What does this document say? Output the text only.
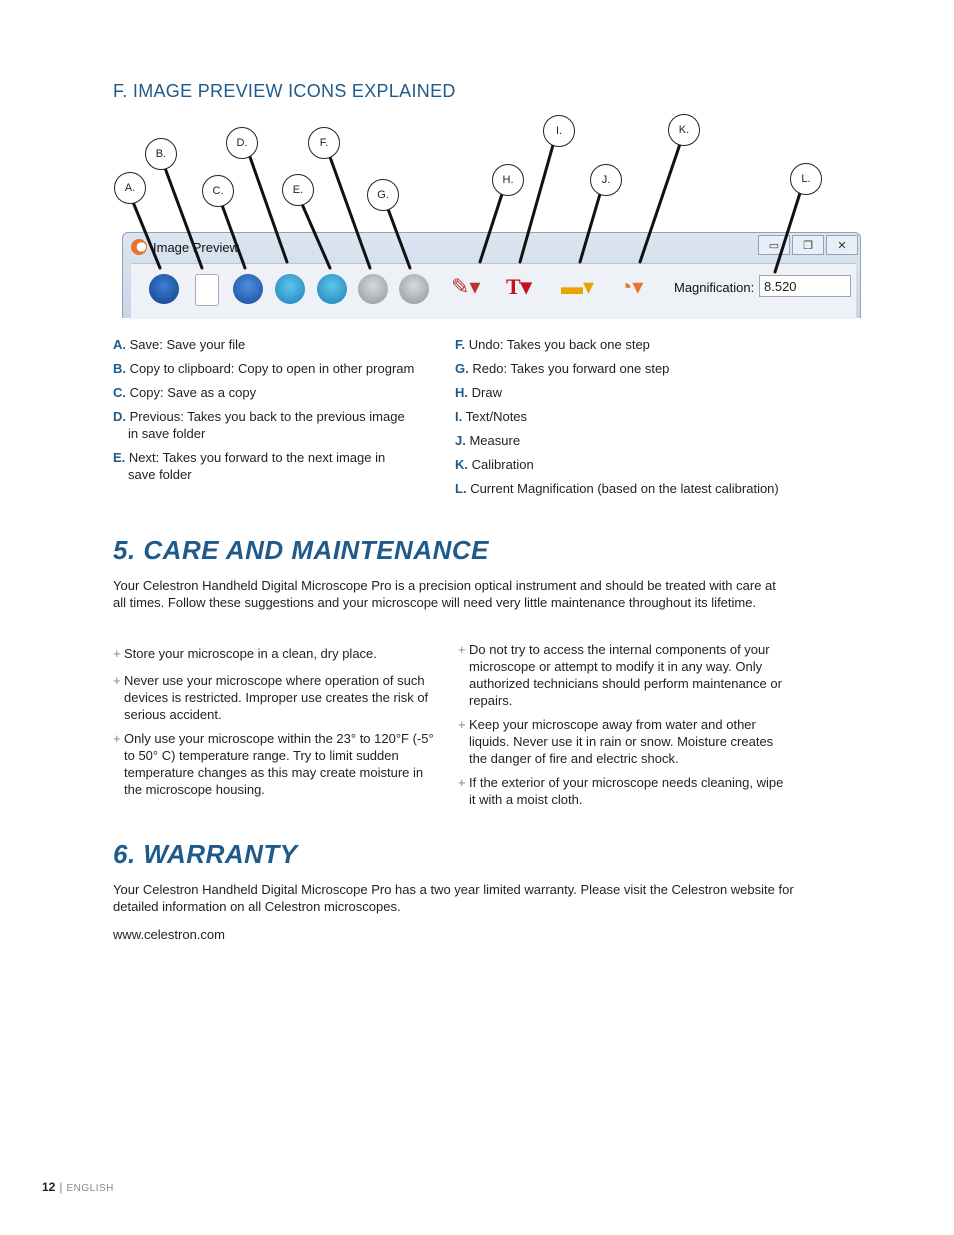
F. IMAGE PREVIEW ICONS EXPLAINED
A.
B.
C.
D.
E.
F.
G.
H.
I.
J.
K.
L.
Image Preview	▭	❐	✕
✎▾ T▾ ▬▾ ◔▾ Magnification: 8.520
A. Save: Save your file
B. Copy to clipboard: Copy to open in other program
C. Copy: Save as a copy
D. Previous: Takes you back to the previous image
in save folder
E. Next: Takes you forward to the next image in
save folder
F. Undo: Takes you back one step
G. Redo: Takes you forward one step
H. Draw
I. Text/Notes
J. Measure
K. Calibration
L. Current Magnification (based on the latest calibration)
5. CARE AND MAINTENANCE

Your Celestron Handheld Digital Microscope Pro is a precision optical instrument and should be treated with care at all times. Follow these suggestions and your microscope will need very little maintenance throughout its lifetime.

+ Store your microscope in a clean, dry place.
+ Never use your microscope where operation of such devices is restricted. Improper use creates the risk of serious accident.
+ Only use your microscope within the 23° to 120°F (-5° to 50° C) temperature range. Try to limit sudden temperature changes as this may create moisture in the microscope housing.
+ Do not try to access the internal components of your microscope or attempt to modify it in any way. Only authorized technicians should perform maintenance or repairs.
+ Keep your microscope away from water and other liquids. Never use it in rain or snow. Moisture creates the danger of fire and electric shock.
+ If the exterior of your microscope needs cleaning, wipe it with a moist cloth.
6. WARRANTY

Your Celestron Handheld Digital Microscope Pro has a two year limited warranty. Please visit the Celestron website for detailed information on all Celestron microscopes.

www.celestron.com

12 | ENGLISH
